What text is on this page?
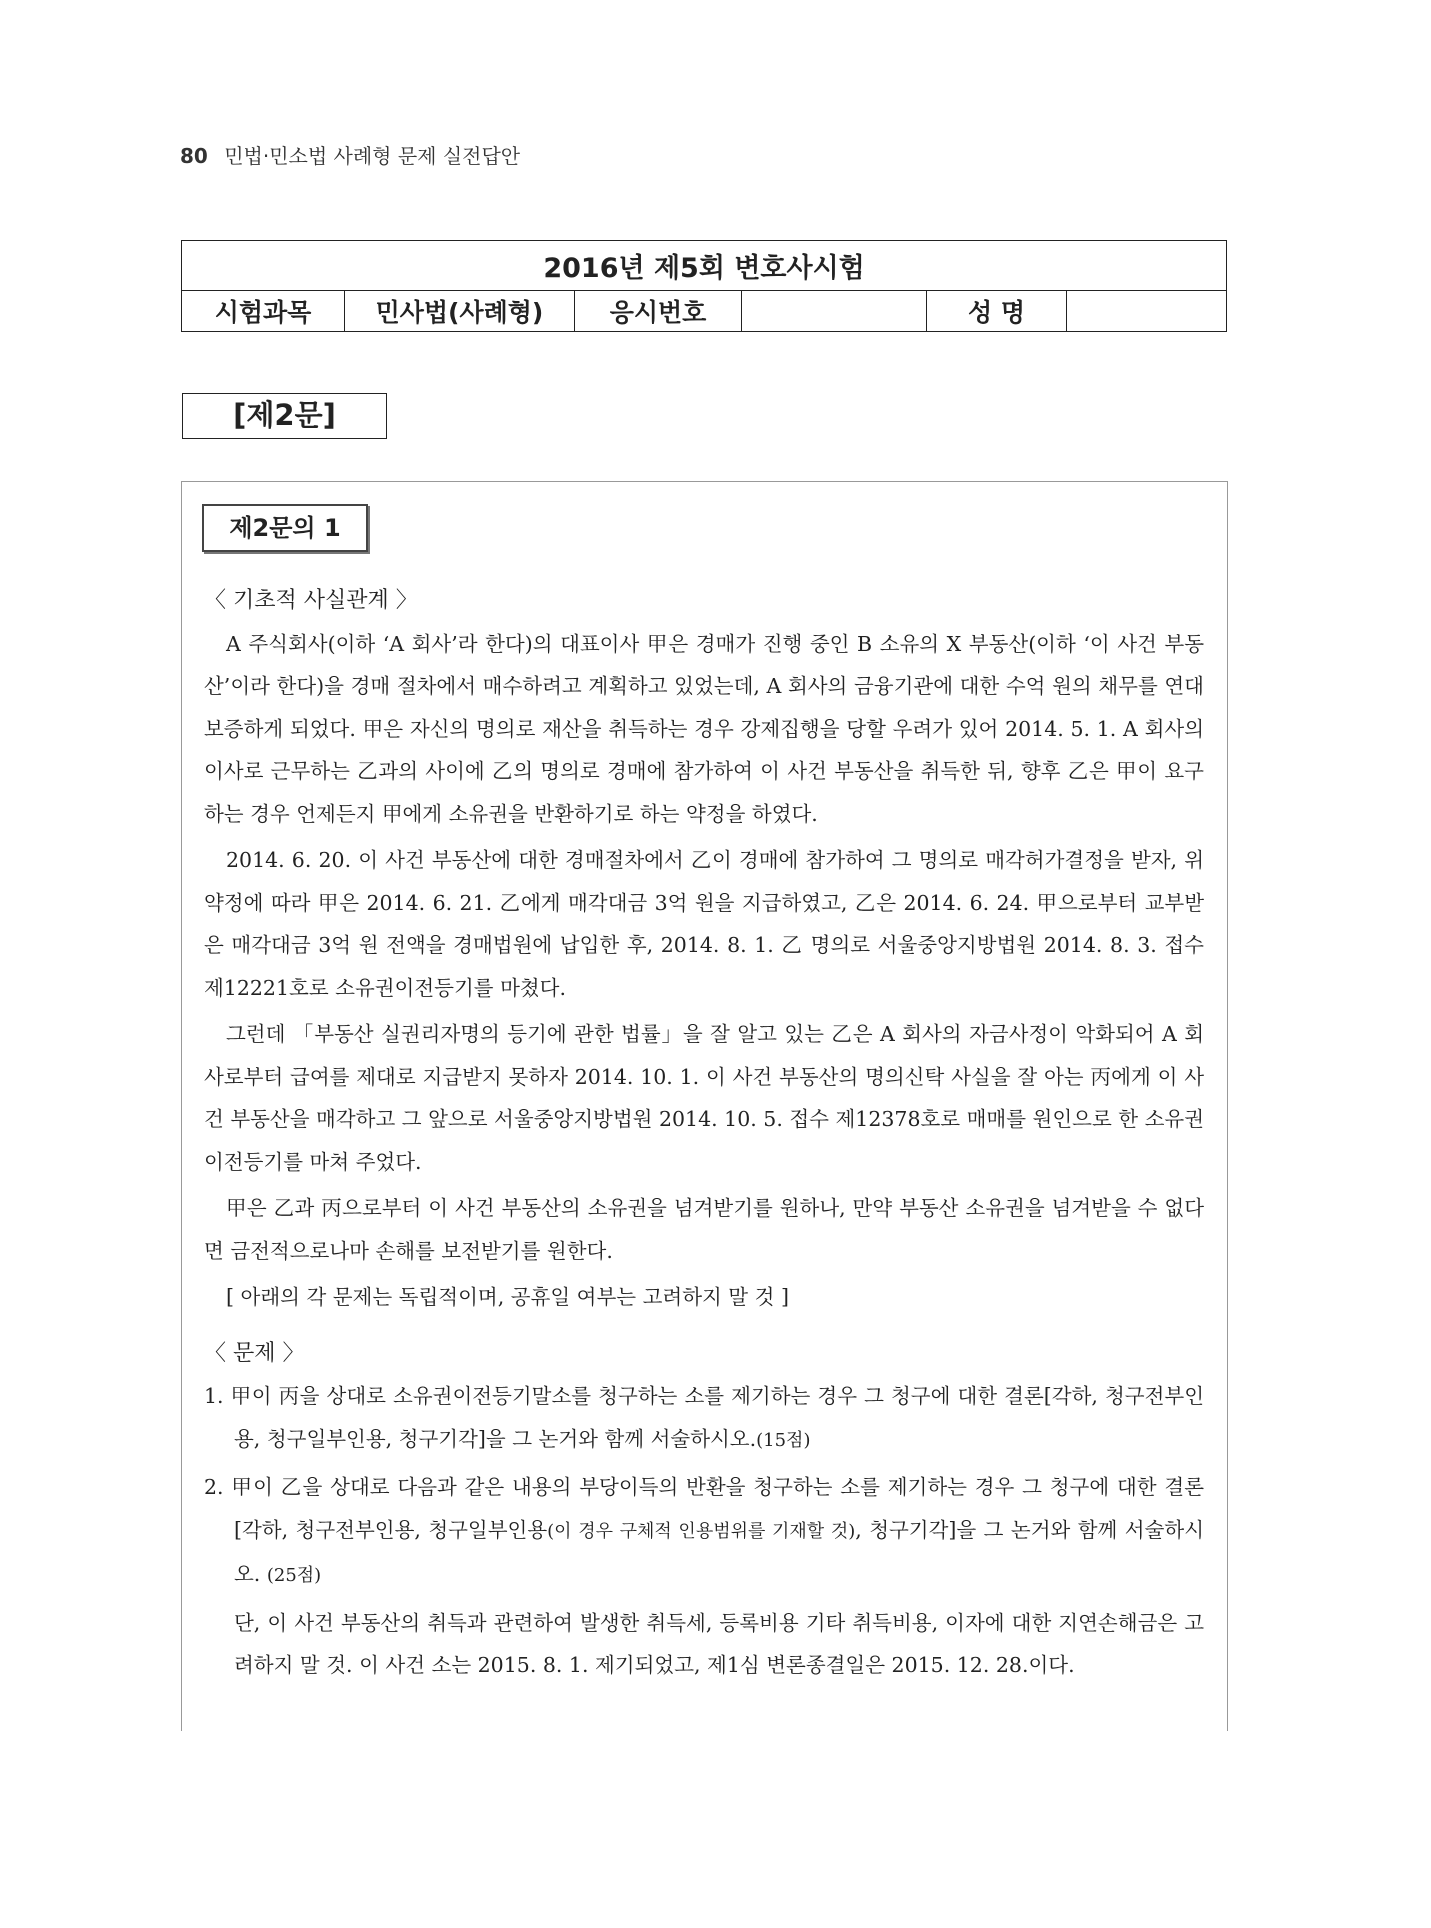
80 민법·민소법 사례형 문제 실전답안
2016년 제5회 변호사시험
시험과목	민사법(사례형)	응시번호		성 명	
[제2문]
제2문의 1

〈 기초적 사실관계 〉

A 주식회사(이하 ‘A 회사’라 한다)의 대표이사 甲은 경매가 진행 중인 B 소유의 X 부동산(이하 ‘이 사건 부동산’이라 한다)을 경매 절차에서 매수하려고 계획하고 있었는데, A 회사의 금융기관에 대한 수억 원의 채무를 연대보증하게 되었다. 甲은 자신의 명의로 재산을 취득하는 경우 강제집행을 당할 우려가 있어 2014. 5. 1. A 회사의 이사로 근무하는 乙과의 사이에 乙의 명의로 경매에 참가하여 이 사건 부동산을 취득한 뒤, 향후 乙은 甲이 요구하는 경우 언제든지 甲에게 소유권을 반환하기로 하는 약정을 하였다.

2014. 6. 20. 이 사건 부동산에 대한 경매절차에서 乙이 경매에 참가하여 그 명의로 매각허가결정을 받자, 위 약정에 따라 甲은 2014. 6. 21. 乙에게 매각대금 3억 원을 지급하였고, 乙은 2014. 6. 24. 甲으로부터 교부받은 매각대금 3억 원 전액을 경매법원에 납입한 후, 2014. 8. 1. 乙 명의로 서울중앙지방법원 2014. 8. 3. 접수 제12221호로 소유권이전등기를 마쳤다.

그런데 「부동산 실권리자명의 등기에 관한 법률」을 잘 알고 있는 乙은 A 회사의 자금사정이 악화되어 A 회사로부터 급여를 제대로 지급받지 못하자 2014. 10. 1. 이 사건 부동산의 명의신탁 사실을 잘 아는 丙에게 이 사건 부동산을 매각하고 그 앞으로 서울중앙지방법원 2014. 10. 5. 접수 제12378호로 매매를 원인으로 한 소유권이전등기를 마쳐 주었다.

甲은 乙과 丙으로부터 이 사건 부동산의 소유권을 넘겨받기를 원하나, 만약 부동산 소유권을 넘겨받을 수 없다면 금전적으로나마 손해를 보전받기를 원한다.

[ 아래의 각 문제는 독립적이며, 공휴일 여부는 고려하지 말 것 ]

〈 문제 〉

1. 甲이 丙을 상대로 소유권이전등기말소를 청구하는 소를 제기하는 경우 그 청구에 대한 결론[각하, 청구전부인용, 청구일부인용, 청구기각]을 그 논거와 함께 서술하시오.(15점)

2. 甲이 乙을 상대로 다음과 같은 내용의 부당이득의 반환을 청구하는 소를 제기하는 경우 그 청구에 대한 결론[각하, 청구전부인용, 청구일부인용(이 경우 구체적 인용범위를 기재할 것), 청구기각]을 그 논거와 함께 서술하시오. (25점)

단, 이 사건 부동산의 취득과 관련하여 발생한 취득세, 등록비용 기타 취득비용, 이자에 대한 지연손해금은 고려하지 말 것. 이 사건 소는 2015. 8. 1. 제기되었고, 제1심 변론종결일은 2015. 12. 28.이다.
